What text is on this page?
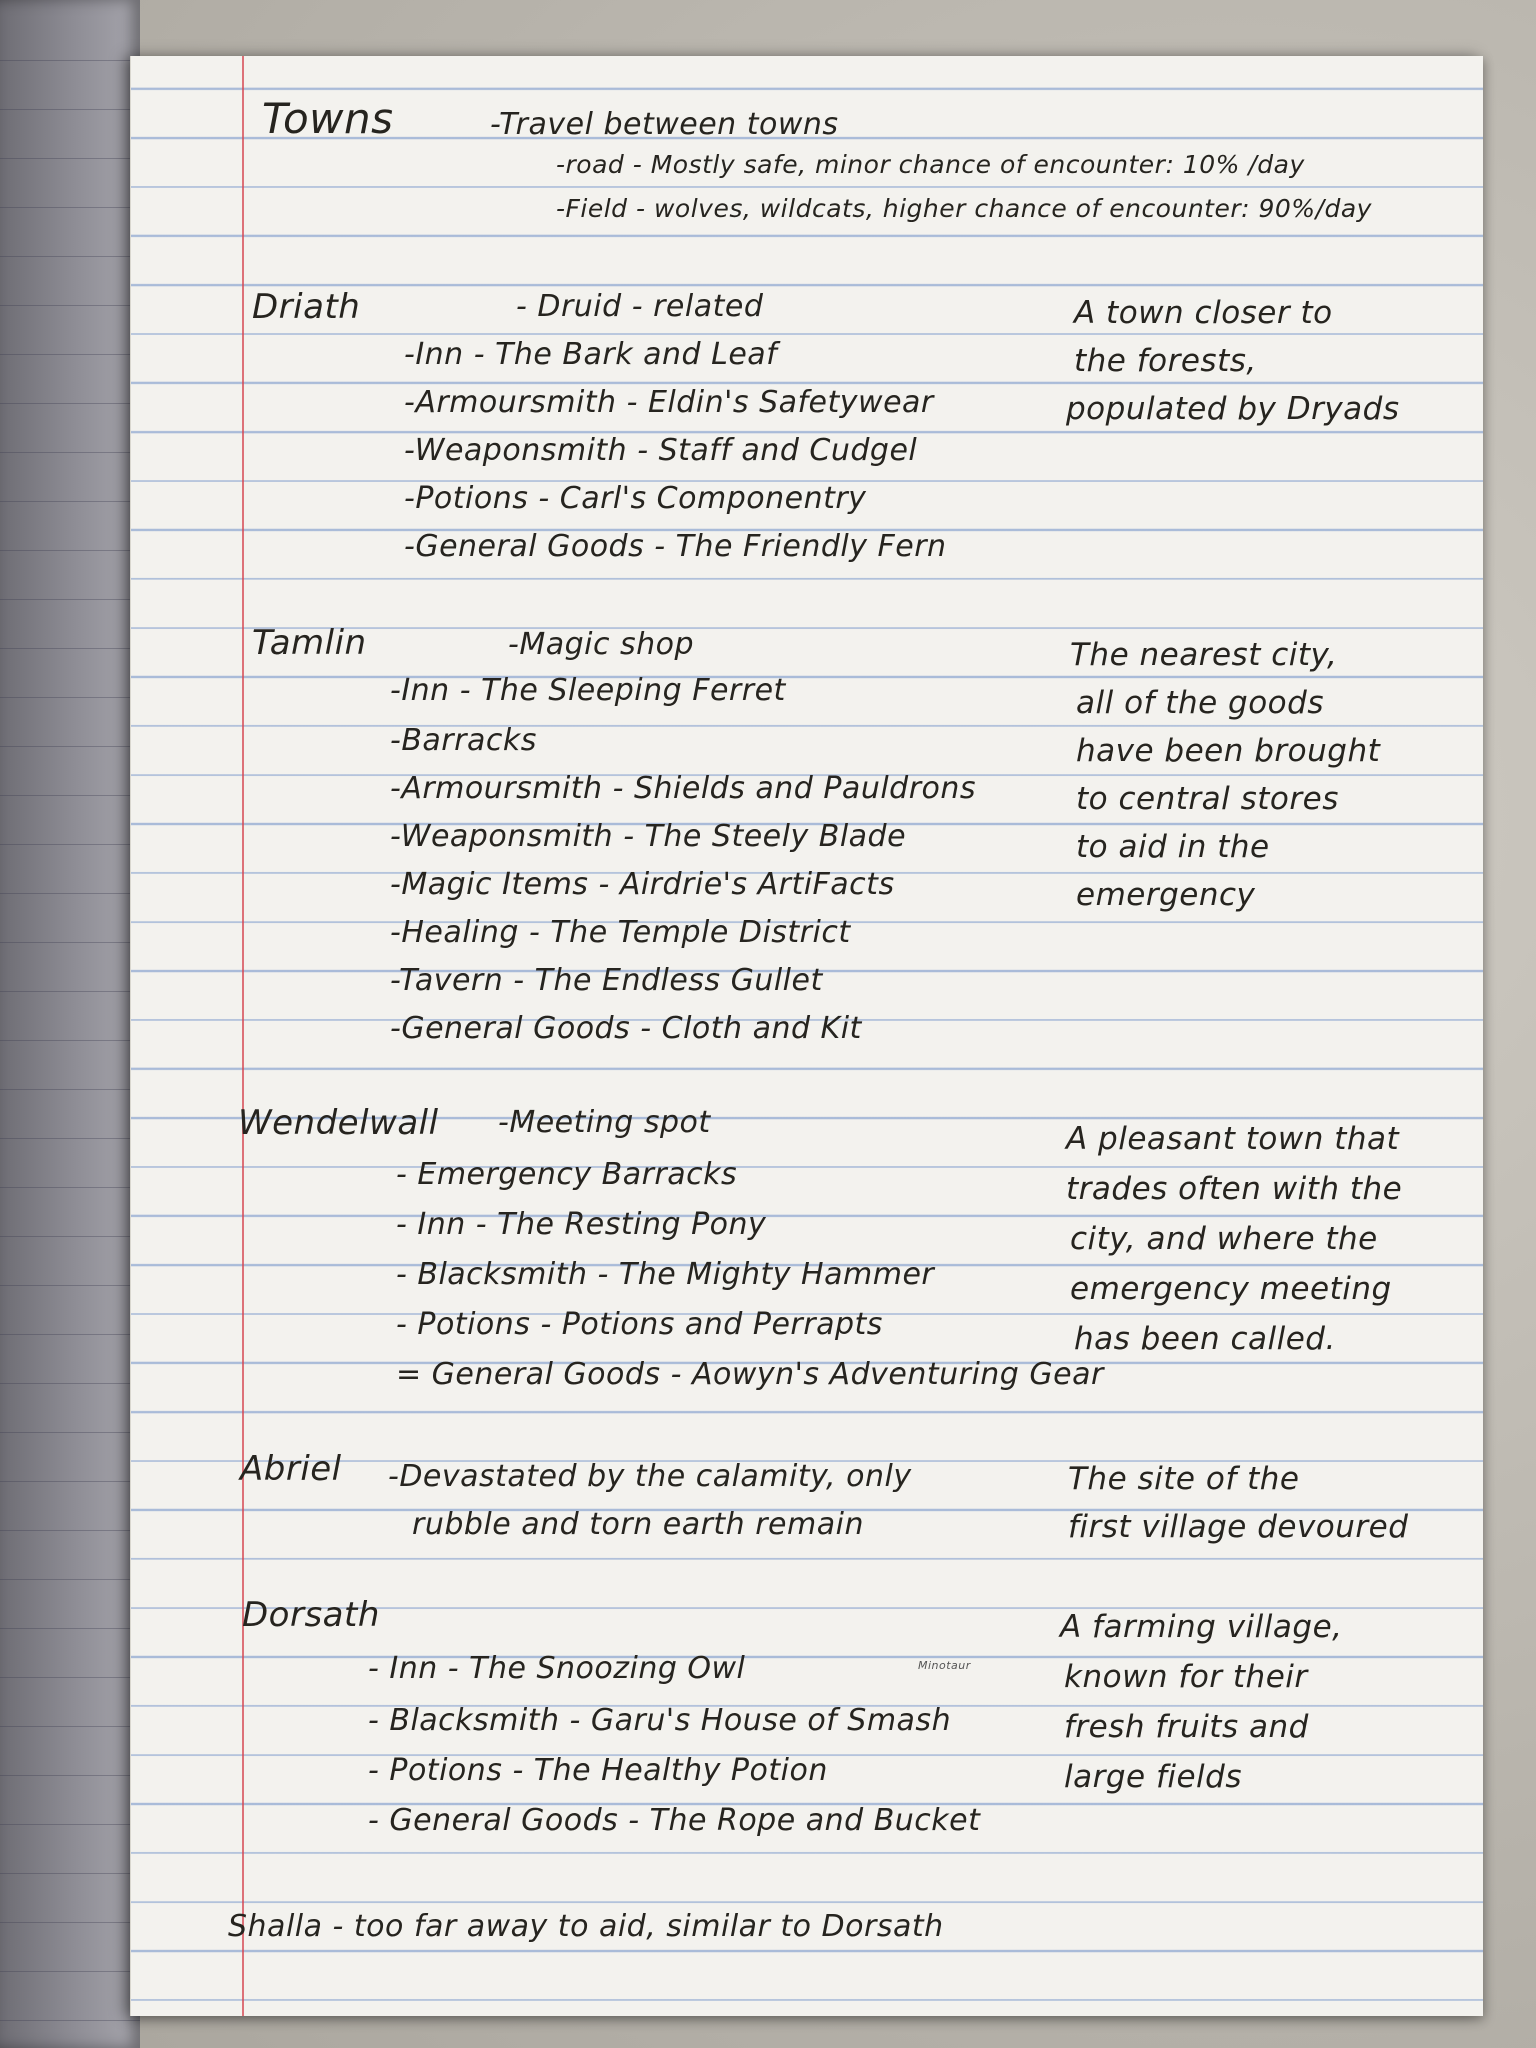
Towns	-Travel between towns
-road - Mostly safe, minor chance of encounter: 10% /day
-Field - wolves, wildcats, higher chance of encounter: 90%/day
Driath	- Druid - related
-Inn - The Bark and Leaf
-Armoursmith - Eldin's Safetywear
-Weaponsmith - Staff and Cudgel
-Potions - Carl's Componentry
-General Goods - The Friendly Fern
A town closer to
the forests,
populated by Dryads
Tamlin	-Magic shop
-Inn - The Sleeping Ferret
-Barracks
-Armoursmith - Shields and Pauldrons
-Weaponsmith - The Steely Blade
-Magic Items - Airdrie's ArtiFacts
-Healing - The Temple District
-Tavern - The Endless Gullet
-General Goods - Cloth and Kit
The nearest city,
all of the goods
have been brought
to central stores
to aid in the
emergency
Wendelwall -Meeting spot
- Emergency Barracks
- Inn - The Resting Pony
- Blacksmith - The Mighty Hammer
- Potions - Potions and Perrapts
= General Goods - Aowyn's Adventuring Gear
A pleasant town that
trades often with the
city, and where the
emergency meeting
has been called.
Abriel -Devastated by the calamity, only
rubble and torn earth remain
The site of the
first village devoured
Dorsath
- Inn - The Snoozing Owl	Minotaur
- Blacksmith - Garu's House of Smash
- Potions - The Healthy Potion
- General Goods - The Rope and Bucket
A farming village,
known for their
fresh fruits and
large fields
Shalla - too far away to aid, similar to Dorsath
